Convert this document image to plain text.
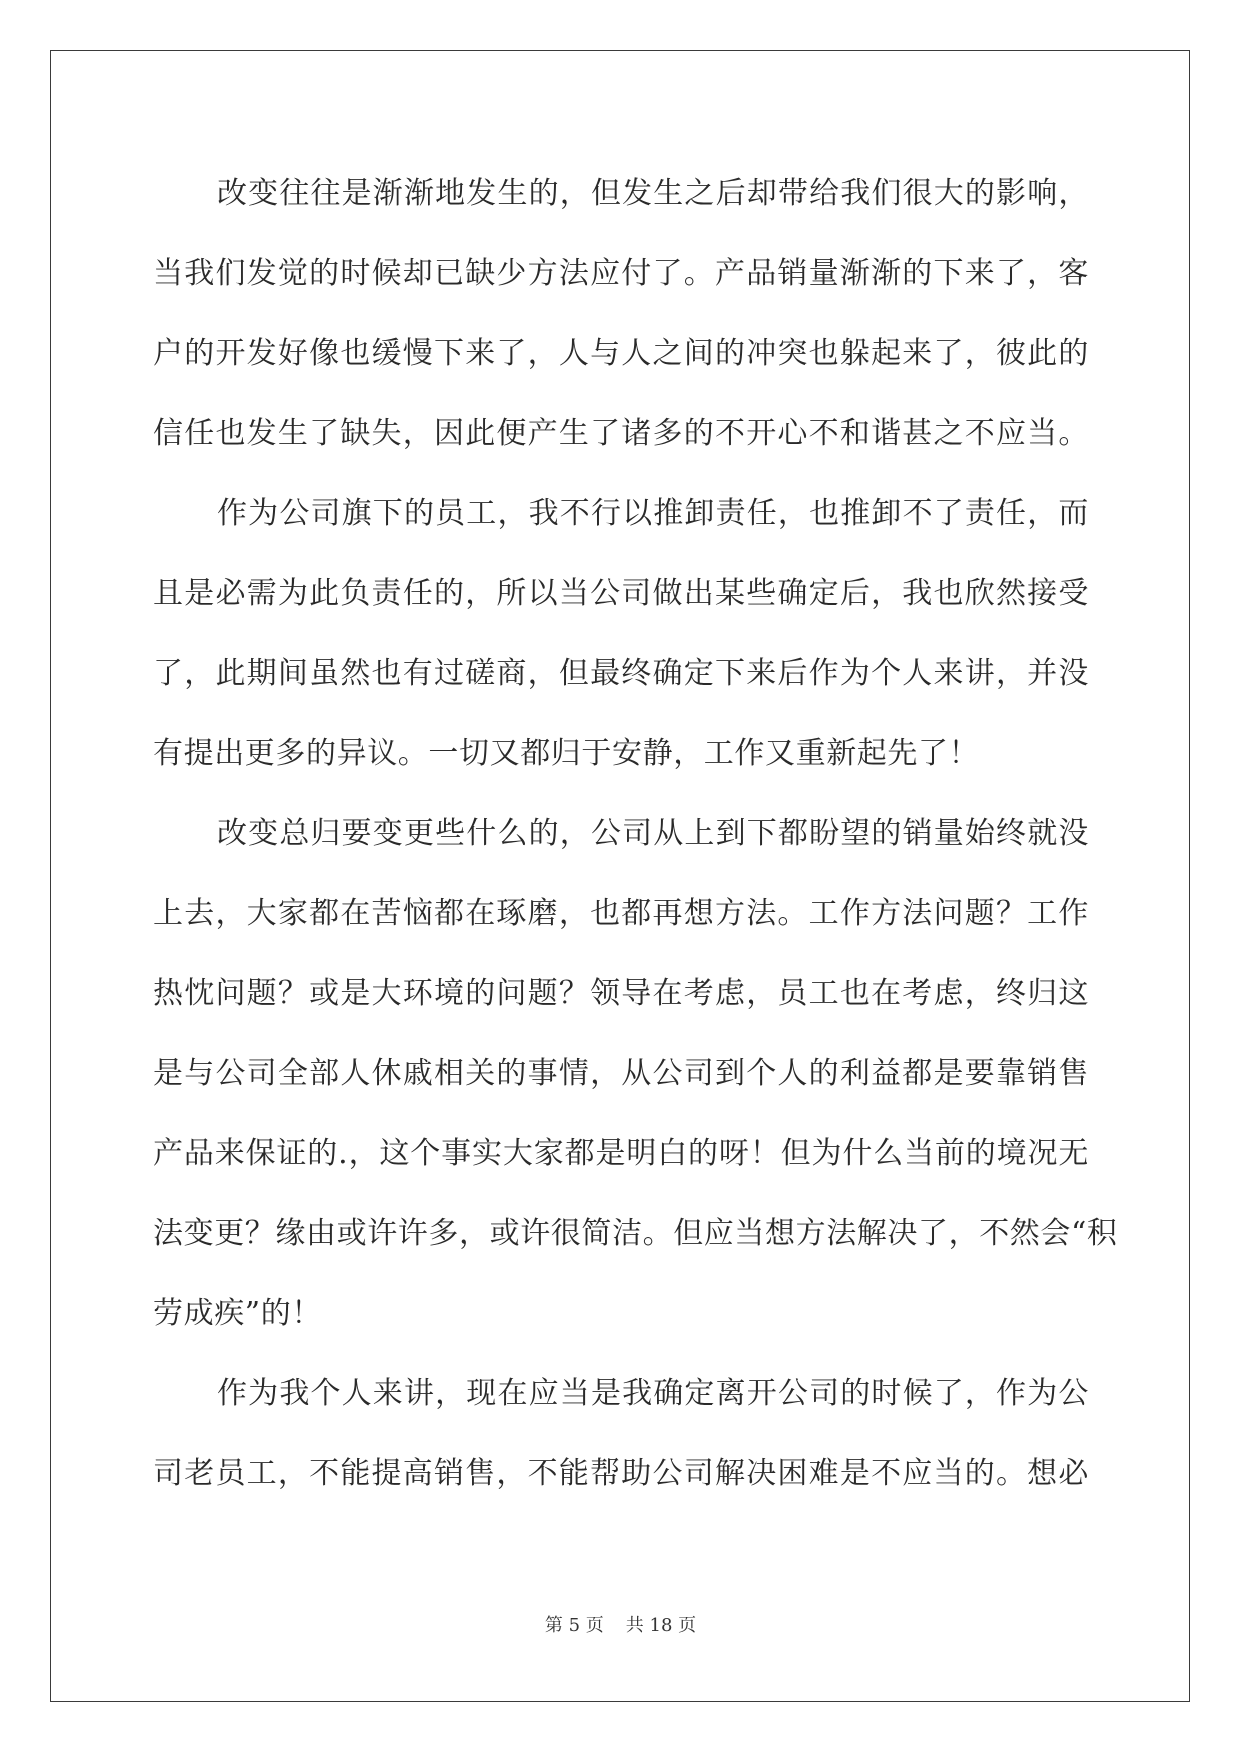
改变往往是渐渐地发生的，但发生之后却带给我们很大的影响，
当我们发觉的时候却已缺少方法应付了。产品销量渐渐的下来了，客
户的开发好像也缓慢下来了，人与人之间的冲突也躲起来了，彼此的
信任也发生了缺失，因此便产生了诸多的不开心不和谐甚之不应当。
作为公司旗下的员工，我不行以推卸责任，也推卸不了责任，而
且是必需为此负责任的，所以当公司做出某些确定后，我也欣然接受
了，此期间虽然也有过磋商，但最终确定下来后作为个人来讲，并没
有提出更多的异议。一切又都归于安静，工作又重新起先了！
改变总归要变更些什么的，公司从上到下都盼望的销量始终就没
上去，大家都在苦恼都在琢磨，也都再想方法。工作方法问题？工作
热忱问题？或是大环境的问题？领导在考虑，员工也在考虑，终归这
是与公司全部人休戚相关的事情，从公司到个人的利益都是要靠销售
产品来保证的.，这个事实大家都是明白的呀！但为什么当前的境况无
法变更？缘由或许许多，或许很简洁。但应当想方法解决了，不然会“积
劳成疾”的！
作为我个人来讲，现在应当是我确定离开公司的时候了，作为公
司老员工，不能提高销售，不能帮助公司解决困难是不应当的。想必
第 5 页 共 18 页
